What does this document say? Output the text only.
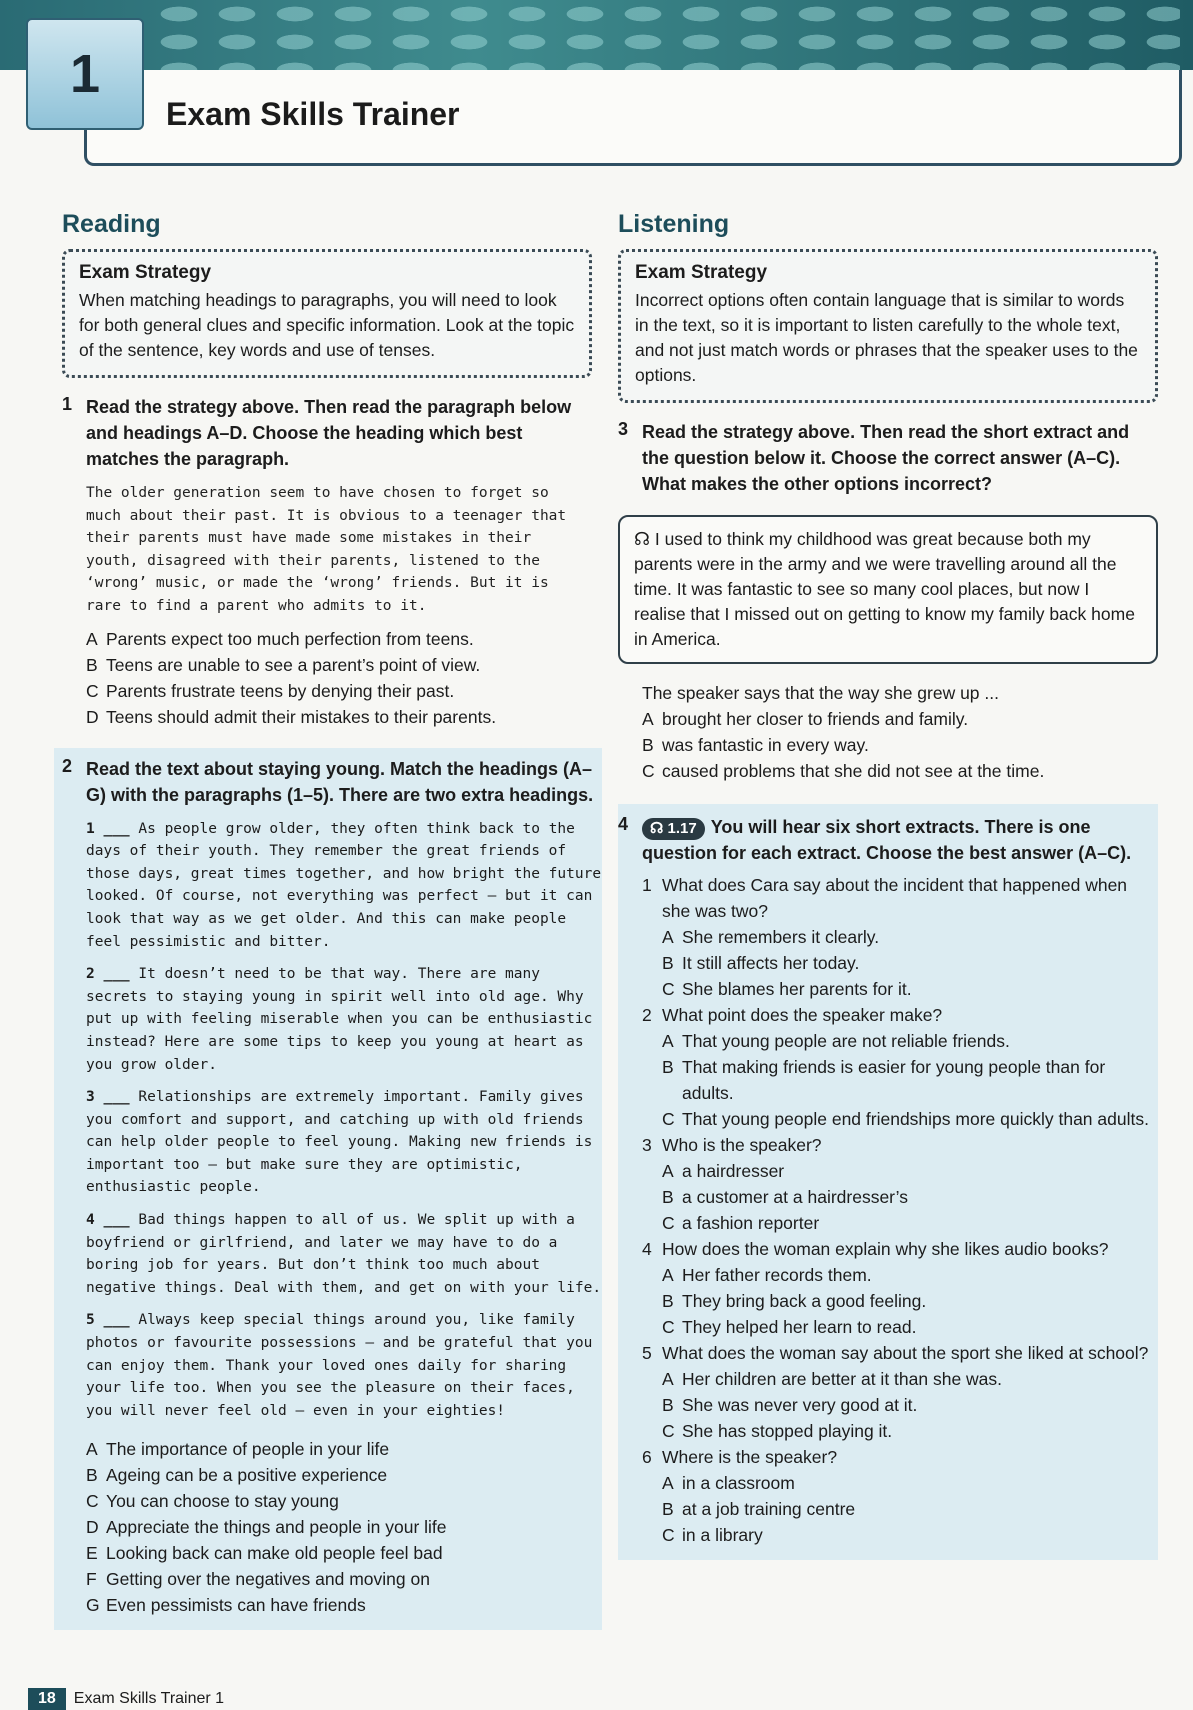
1
Exam Skills Trainer
Reading
Exam Strategy
When matching headings to paragraphs, you will need to look for both general clues and specific information. Look at the topic of the sentence, key words and use of tenses.
1 Read the strategy above. Then read the paragraph below and headings A–D. Choose the heading which best matches the paragraph.
The older generation seem to have chosen to forget so much about their past. It is obvious to a teenager that their parents must have made some mistakes in their youth, disagreed with their parents, listened to the ‘wrong’ music, or made the ‘wrong’ friends. But it is rare to find a parent who admits to it.
A Parents expect too much perfection from teens.
B Teens are unable to see a parent’s point of view.
C Parents frustrate teens by denying their past.
D Teens should admit their mistakes to their parents.
2 Read the text about staying young. Match the headings (A–G) with the paragraphs (1–5). There are two extra headings.
1 ___ As people grow older, they often think back to the days of their youth. They remember the great friends of those days, great times together, and how bright the future looked. Of course, not everything was perfect – but it can look that way as we get older. And this can make people feel pessimistic and bitter.
2 ___ It doesn’t need to be that way. There are many secrets to staying young in spirit well into old age. Why put up with feeling miserable when you can be enthusiastic instead? Here are some tips to keep you young at heart as you grow older.
3 ___ Relationships are extremely important. Family gives you comfort and support, and catching up with old friends can help older people to feel young. Making new friends is important too – but make sure they are optimistic, enthusiastic people.
4 ___ Bad things happen to all of us. We split up with a boyfriend or girlfriend, and later we may have to do a boring job for years. But don’t think too much about negative things. Deal with them, and get on with your life.
5 ___ Always keep special things around you, like family photos or favourite possessions – and be grateful that you can enjoy them. Thank your loved ones daily for sharing your life too. When you see the pleasure on their faces, you will never feel old – even in your eighties!
A The importance of people in your life
B Ageing can be a positive experience
C You can choose to stay young
D Appreciate the things and people in your life
E Looking back can make old people feel bad
F Getting over the negatives and moving on
G Even pessimists can have friends
Listening
Exam Strategy
Incorrect options often contain language that is similar to words in the text, so it is important to listen carefully to the whole text, and not just match words or phrases that the speaker uses to the options.
3 Read the strategy above. Then read the short extract and the question below it. Choose the correct answer (A–C). What makes the other options incorrect?
☊ I used to think my childhood was great because both my parents were in the army and we were travelling around all the time. It was fantastic to see so many cool places, but now I realise that I missed out on getting to know my family back home in America.
The speaker says that the way she grew up ...
A brought her closer to friends and family.
B was fantastic in every way.
C caused problems that she did not see at the time.
4	☊ 1.17 You will hear six short extracts. There is one question for each extract. Choose the best answer (A–C).
1 What does Cara say about the incident that happened when she was two?
A She remembers it clearly.
B It still affects her today.
C She blames her parents for it.
2 What point does the speaker make?
A That young people are not reliable friends.
B That making friends is easier for young people than for adults.
C That young people end friendships more quickly than adults.
3 Who is the speaker?
A a hairdresser
B a customer at a hairdresser’s
C a fashion reporter
4 How does the woman explain why she likes audio books?
A Her father records them.
B They bring back a good feeling.
C They helped her learn to read.
5 What does the woman say about the sport she liked at school?
A Her children are better at it than she was.
B She was never very good at it.
C She has stopped playing it.
6 Where is the speaker?
A in a classroom
B at a job training centre
C in a library
18	Exam Skills Trainer 1
